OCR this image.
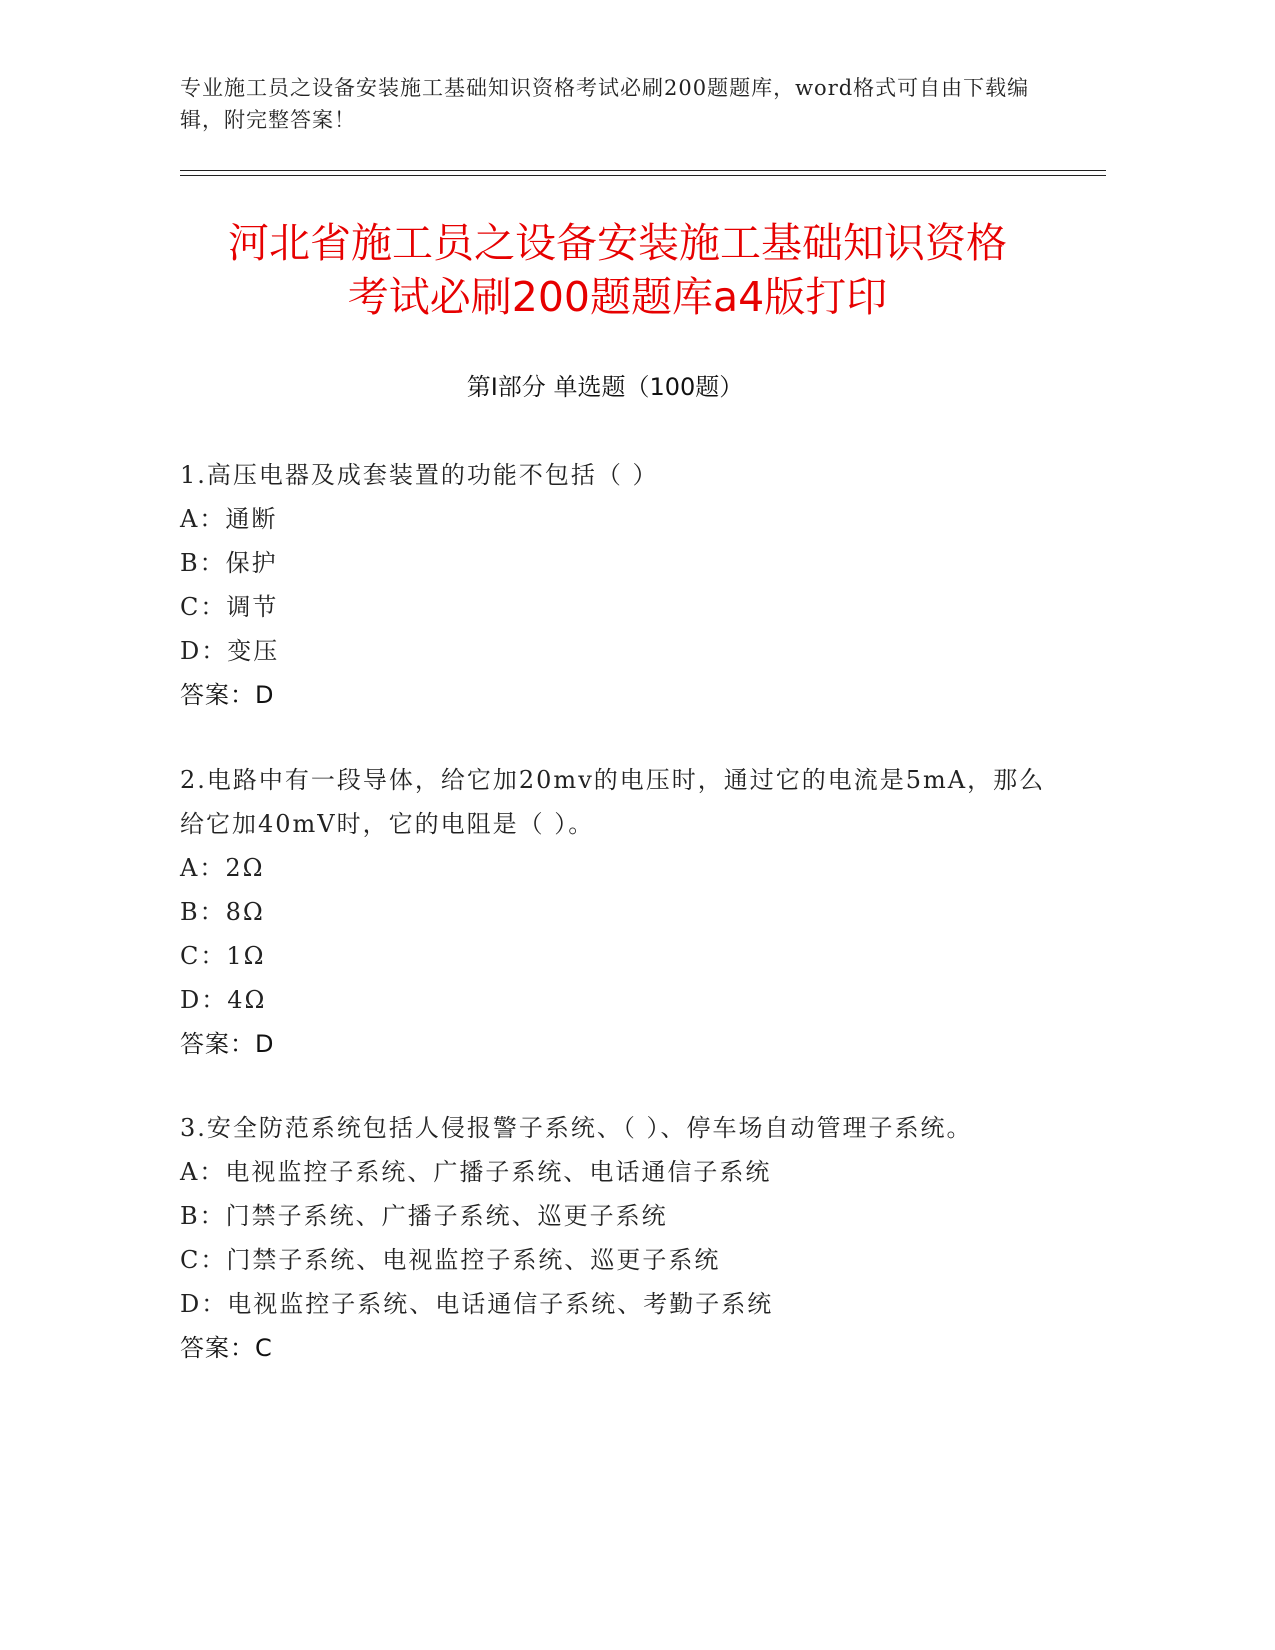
专业施工员之设备安装施工基础知识资格考试必刷200题题库，word格式可自由下载编辑，附完整答案！
河北省施工员之设备安装施工基础知识资格
考试必刷200题题库a4版打印
第Ⅰ部分 单选题（100题）

1.高压电器及成套装置的功能不包括（ ）

A：通断

B：保护

C：调节

D：变压

答案：D

2.电路中有一段导体，给它加20mv的电压时，通过它的电流是5mA，那么给它加40mV时，它的电阻是（ ）。

A：2Ω

B：8Ω

C：1Ω

D：4Ω

答案：D

3.安全防范系统包括人侵报警子系统、（ ）、停车场自动管理子系统。

A：电视监控子系统、广播子系统、电话通信子系统

B：门禁子系统、广播子系统、巡更子系统

C：门禁子系统、电视监控子系统、巡更子系统

D：电视监控子系统、电话通信子系统、考勤子系统

答案：C
